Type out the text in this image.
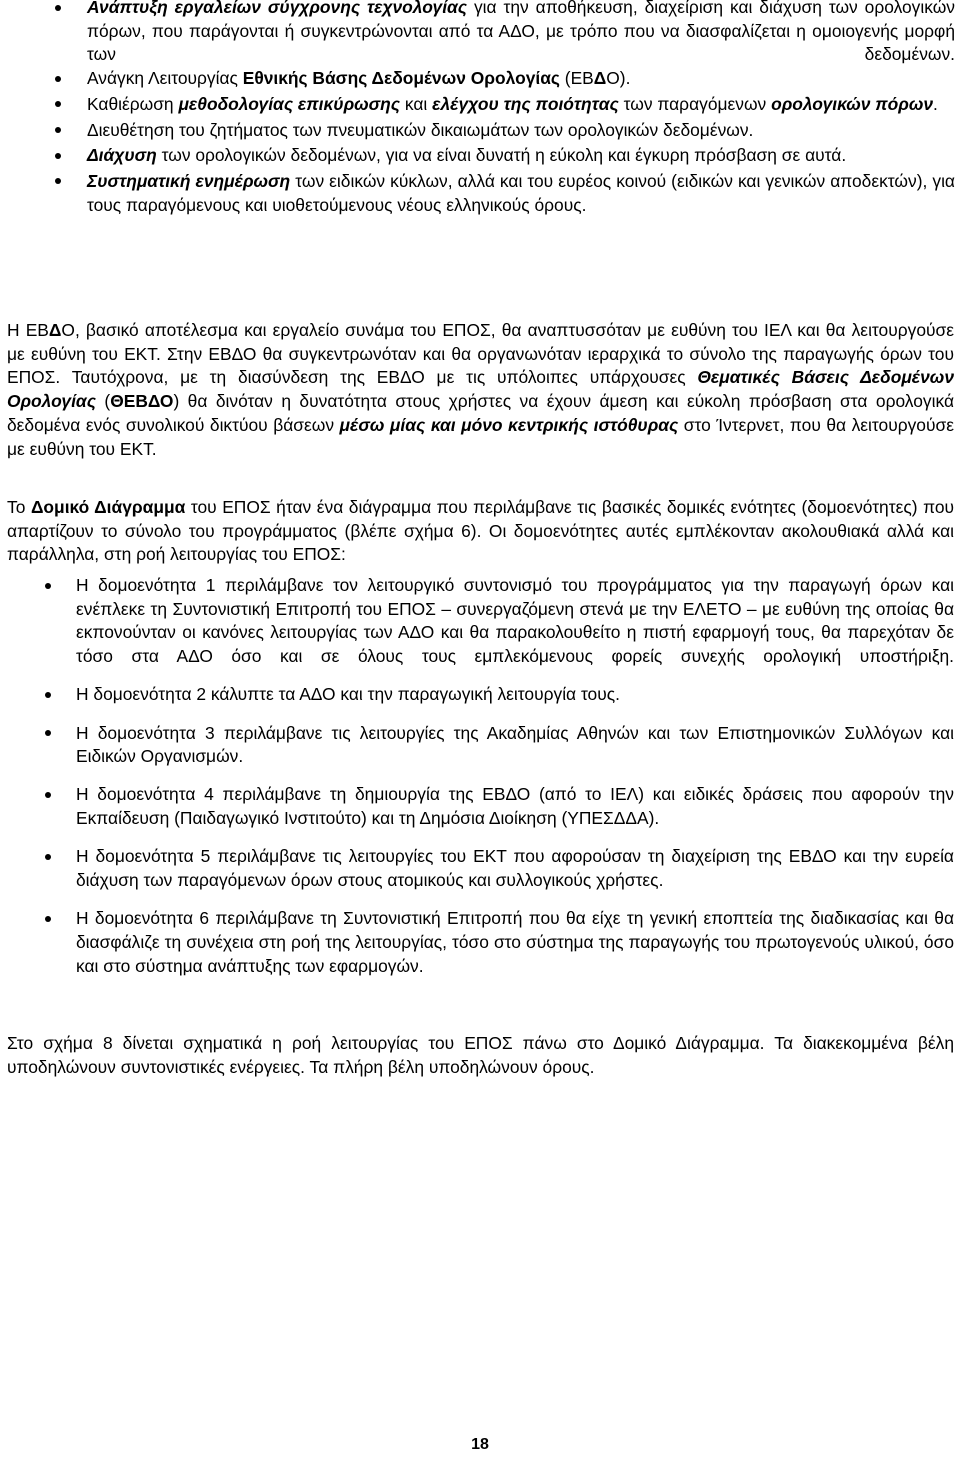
Ανάπτυξη εργαλείων σύγχρονης τεχνολογίας για την αποθήκευση, διαχείριση και διάχυση των ορολογικών πόρων, που παράγονται ή συγκεντρώνονται από τα ΑΔΟ, με τρόπο που να διασφαλίζεται η ομοιογενής μορφή των δεδομένων.
Ανάγκη Λειτουργίας Εθνικής Βάσης Δεδομένων Ορολογίας (ΕΒΔΟ).
Καθιέρωση μεθοδολογίας επικύρωσης και ελέγχου της ποιότητας των παραγόμενων ορολογικών πόρων.
Διευθέτηση του ζητήματος των πνευματικών δικαιωμάτων των ορολογικών δεδομένων.
Διάχυση των ορολογικών δεδομένων, για να είναι δυνατή η εύκολη και έγκυρη πρόσβαση σε αυτά.
Συστηματική ενημέρωση των ειδικών κύκλων, αλλά και του ευρέος κοινού (ειδικών και γενικών αποδεκτών), για τους παραγόμενους και υιοθετούμενους νέους ελληνικούς όρους.

Η ΕΒΔΟ, βασικό αποτέλεσμα και εργαλείο συνάμα του ΕΠΟΣ, θα αναπτυσσόταν με ευθύνη του ΙΕΛ και θα λειτουργούσε με ευθύνη του ΕΚΤ. Στην ΕΒΔΟ θα συγκεντρωνόταν και θα οργανωνόταν ιεραρχικά το σύνολο της παραγωγής όρων του ΕΠΟΣ. Ταυτόχρονα, με τη διασύνδεση της ΕΒΔΟ με τις υπόλοιπες υπάρχουσες Θεματικές Βάσεις Δεδομένων Ορολογίας (ΘΕΒΔΟ) θα δινόταν η δυνατότητα στους χρήστες να έχουν άμεση και εύκολη πρόσβαση στα ορολογικά δεδομένα ενός συνολικού δικτύου βάσεων μέσω μίας και μόνο κεντρικής ιστόθυρας στο Ίντερνετ, που θα λειτουργούσε με ευθύνη του ΕΚΤ.

Το Δομικό Διάγραμμα του ΕΠΟΣ ήταν ένα διάγραμμα που περιλάμβανε τις βασικές δομικές ενότητες (δομοενότητες) που απαρτίζουν το σύνολο του προγράμματος (βλέπε σχήμα 6). Οι δομοενότητες αυτές εμπλέκονταν ακολουθιακά αλλά και παράλληλα, στη ροή λειτουργίας του ΕΠΟΣ:

Η δομοενότητα 1 περιλάμβανε τον λειτουργικό συντονισμό του προγράμματος για την παραγωγή όρων και ενέπλεκε τη Συντονιστική Επιτροπή του ΕΠΟΣ – συνεργαζόμενη στενά με την ΕΛΕΤΟ – με ευθύνη της οποίας θα εκπονούνταν οι κανόνες λειτουργίας των ΑΔΟ και θα παρακολουθείτο η πιστή εφαρμογή τους, θα παρεχόταν δε τόσο στα ΑΔΟ όσο και σε όλους τους εμπλεκόμενους φορείς συνεχής ορολογική υποστήριξη.
Η δομοενότητα 2 κάλυπτε τα ΑΔΟ και την παραγωγική λειτουργία τους.
Η δομοενότητα 3 περιλάμβανε τις λειτουργίες της Ακαδημίας Αθηνών και των Επιστημονικών Συλλόγων και Ειδικών Οργανισμών.
Η δομοενότητα 4 περιλάμβανε τη δημιουργία της ΕΒΔΟ (από το ΙΕΛ) και ειδικές δράσεις που αφορούν την Εκπαίδευση (Παιδαγωγικό Ινστιτούτο) και τη Δημόσια Διοίκηση (ΥΠΕΣΔΔΑ).
Η δομοενότητα 5 περιλάμβανε τις λειτουργίες του ΕΚΤ που αφορούσαν τη διαχείριση της ΕΒΔΟ και την ευρεία διάχυση των παραγόμενων όρων στους ατομικούς και συλλογικούς χρήστες.
Η δομοενότητα 6 περιλάμβανε τη Συντονιστική Επιτροπή που θα είχε τη γενική εποπτεία της διαδικασίας και θα διασφάλιζε τη συνέχεια στη ροή της λειτουργίας, τόσο στο σύστημα της παραγωγής του πρωτογενούς υλικού, όσο και στο σύστημα ανάπτυξης των εφαρμογών.

Στο σχήμα 8 δίνεται σχηματικά η ροή λειτουργίας του ΕΠΟΣ πάνω στο Δομικό Διάγραμμα. Τα διακεκομμένα βέλη υποδηλώνουν συντονιστικές ενέργειες. Τα πλήρη βέλη υποδηλώνουν όρους.

18
